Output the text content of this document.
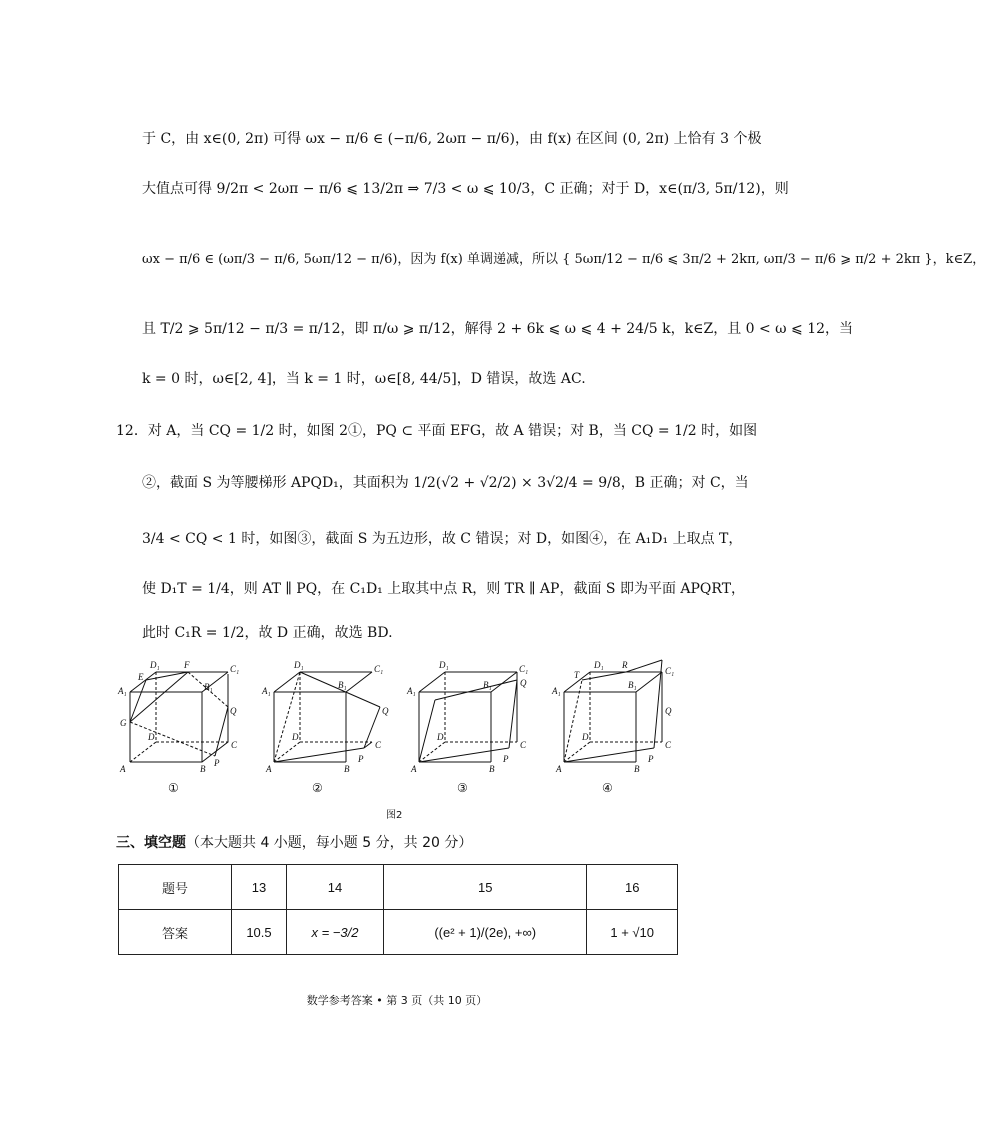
于 C，由 x∈(0, 2π) 可得 ωx − π/6 ∈ (−π/6, 2ωπ − π/6)，由 f(x) 在区间 (0, 2π) 上恰有 3 个极
大值点可得 9/2π < 2ωπ − π/6 ⩽ 13/2π ⇒ 7/3 < ω ⩽ 10/3，C 正确；对于 D，x∈(π/3, 5π/12)，则
ωx − π/6 ∈ (ωπ/3 − π/6, 5ωπ/12 − π/6)，因为 f(x) 单调递减，所以 { 5ωπ/12 − π/6 ⩽ 3π/2 + 2kπ, ωπ/3 − π/6 ⩾ π/2 + 2kπ }，k∈Z，
且 T/2 ⩾ 5π/12 − π/3 = π/12，即 π/ω ⩾ π/12，解得 2 + 6k ⩽ ω ⩽ 4 + 24/5 k，k∈Z，且 0 < ω ⩽ 12，当
k = 0 时，ω∈[2, 4]，当 k = 1 时，ω∈[8, 44/5]，D 错误，故选 AC.
12．对 A，当 CQ = 1/2 时，如图 2①，PQ ⊂ 平面 EFG，故 A 错误；对 B，当 CQ = 1/2 时，如图
②，截面 S 为等腰梯形 APQD₁，其面积为 1/2(√2 + √2/2) × 3√2/4 = 9/8，B 正确；对 C，当
3/4 < CQ < 1 时，如图③，截面 S 为五边形，故 C 错误；对 D，如图④，在 A₁D₁ 上取点 T，
使 D₁T = 1/4，则 AT ∥ PQ，在 C₁D₁ 上取其中点 R，则 TR ∥ AP，截面 S 即为平面 APQRT，
此时 C₁R = 1/2，故 D 正确，故选 BD.
A	B
C
D
A₁	B₁
C₁
D₁
E
F
G
P
Q
①
A	B
C
D
A₁
B₁
C₁
D₁
P
Q
②
A	B
C
D
A₁
B₁
C₁
D₁
P
Q
③
A	B
C
D
A₁
B₁
C₁
D₁
P
Q
R
T
④
图2
三、填空题（本大题共 4 小题，每小题 5 分，共 20 分）
题号	13	14	15	16
答案	10.5	x = −3/2	((e² + 1)/(2e), +∞)	1 + √10
数学参考答案 • 第 3 页（共 10 页）
